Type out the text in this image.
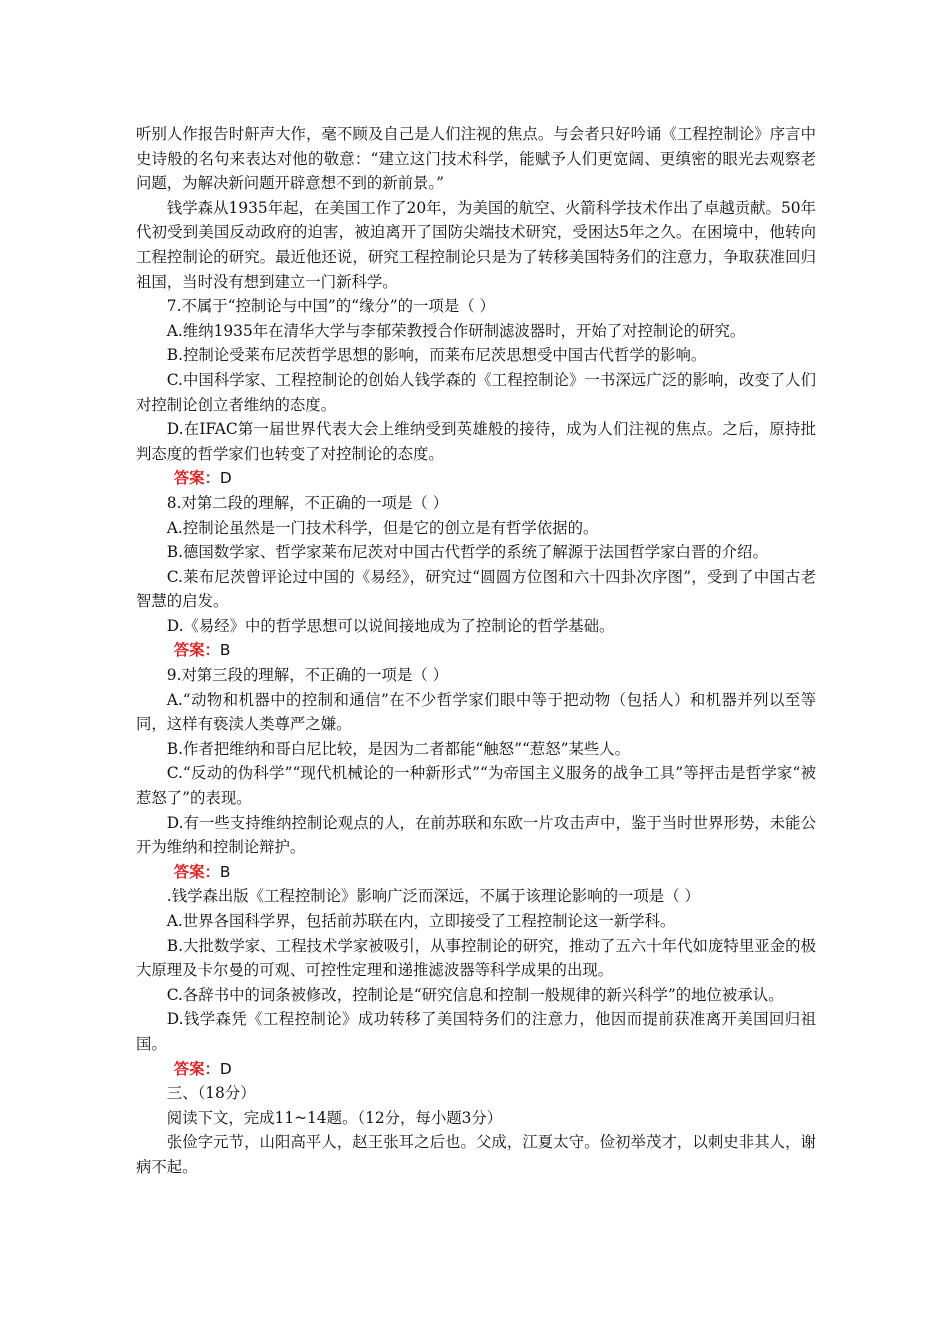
听别人作报告时鼾声大作，毫不顾及自己是人们注视的焦点。与会者只好吟诵《工程控制论》序言中史诗般的名句来表达对他的敬意：“建立这门技术科学，能赋予人们更宽阔、更缜密的眼光去观察老问题，为解决新问题开辟意想不到的新前景。”

钱学森从1935年起，在美国工作了20年，为美国的航空、火箭科学技术作出了卓越贡献。50年代初受到美国反动政府的迫害，被迫离开了国防尖端技术研究，受困达5年之久。在困境中，他转向工程控制论的研究。最近他还说，研究工程控制论只是为了转移美国特务们的注意力，争取获准回归祖国，当时没有想到建立一门新科学。

7.不属于“控制论与中国”的“缘分”的一项是（ ）

A.维纳1935年在清华大学与李郁荣教授合作研制滤波器时，开始了对控制论的研究。

B.控制论受莱布尼茨哲学思想的影响，而莱布尼茨思想受中国古代哲学的影响。

C.中国科学家、工程控制论的创始人钱学森的《工程控制论》一书深远广泛的影响，改变了人们对控制论创立者维纳的态度。

D.在IFAC第一届世界代表大会上维纳受到英雄般的接待，成为人们注视的焦点。之后，原持批判态度的哲学家们也转变了对控制论的态度。

答案：D

8.对第二段的理解，不正确的一项是（ ）

A.控制论虽然是一门技术科学，但是它的创立是有哲学依据的。

B.德国数学家、哲学家莱布尼茨对中国古代哲学的系统了解源于法国哲学家白晋的介绍。

C.莱布尼茨曾评论过中国的《易经》，研究过“圆圆方位图和六十四卦次序图”，受到了中国古老智慧的启发。

D.《易经》中的哲学思想可以说间接地成为了控制论的哲学基础。

答案：B

9.对第三段的理解，不正确的一项是（ ）

A.“动物和机器中的控制和通信”在不少哲学家们眼中等于把动物（包括人）和机器并列以至等同，这样有亵渎人类尊严之嫌。

B.作者把维纳和哥白尼比较，是因为二者都能“触怒”“惹怒”某些人。

C.“反动的伪科学”“现代机械论的一种新形式”“为帝国主义服务的战争工具”等抨击是哲学家“被惹怒了”的表现。

D.有一些支持维纳控制论观点的人，在前苏联和东欧一片攻击声中，鉴于当时世界形势，未能公开为维纳和控制论辩护。

答案：B

.钱学森出版《工程控制论》影响广泛而深远，不属于该理论影响的一项是（ ）

A.世界各国科学界，包括前苏联在内，立即接受了工程控制论这一新学科。

B.大批数学家、工程技术学家被吸引，从事控制论的研究，推动了五六十年代如庞特里亚金的极大原理及卡尔曼的可观、可控性定理和递推滤波器等科学成果的出现。

C.各辞书中的词条被修改，控制论是“研究信息和控制一般规律的新兴科学”的地位被承认。

D.钱学森凭《工程控制论》成功转移了美国特务们的注意力，他因而提前获准离开美国回归祖国。

答案：D

三、（18分）

阅读下文，完成11~14题。（12分，每小题3分）

张俭字元节，山阳高平人，赵王张耳之后也。父成，江夏太守。俭初举茂才，以刺史非其人，谢病不起。
